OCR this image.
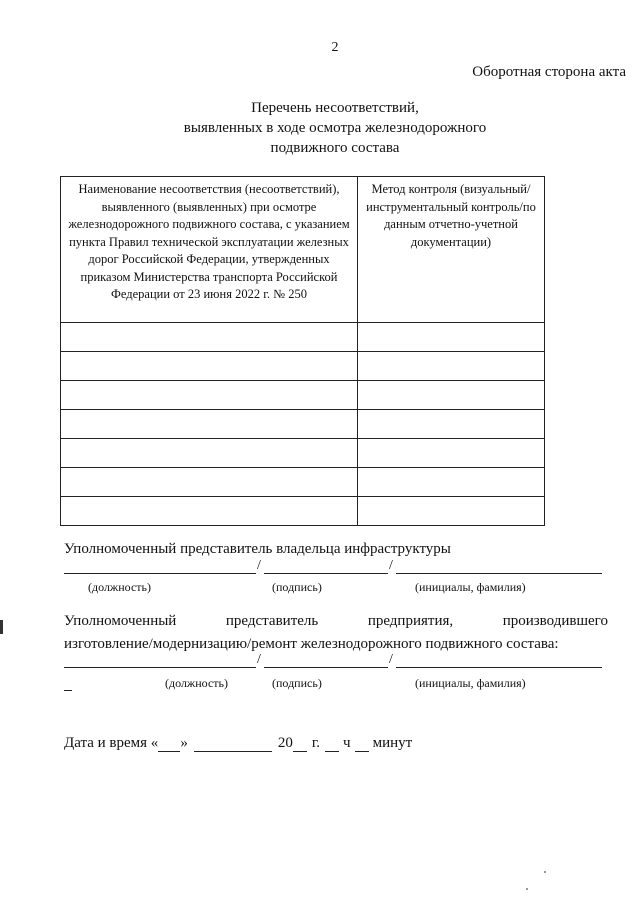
2
Оборотная сторона акта
Перечень несоответствий,
выявленных в ходе осмотра железнодорожного
подвижного состава
Наименование несоответствия (несоответствий), выявленного (выявленных) при осмотре железнодорожного подвижного состава, с указанием пункта Правил технической эксплуатации железных дорог Российской Федерации, утвержденных приказом Министерства транспорта Российской Федерации от 23 июня 2022 г. № 250	Метод контроля (визуальный/инструментальный контроль/по данным отчетно-учетной документации)

Уполномоченный представитель владельца инфраструктуры
/	/
(должность)	(подпись)	(инициалы, фамилия)
Уполномоченный	представитель	предприятия,	производившего
изготовление/модернизацию/ремонт железнодорожного подвижного состава:
/	/
(должность)	(подпись)	(инициалы, фамилия)
Дата и время « »	20 г. ч минут
